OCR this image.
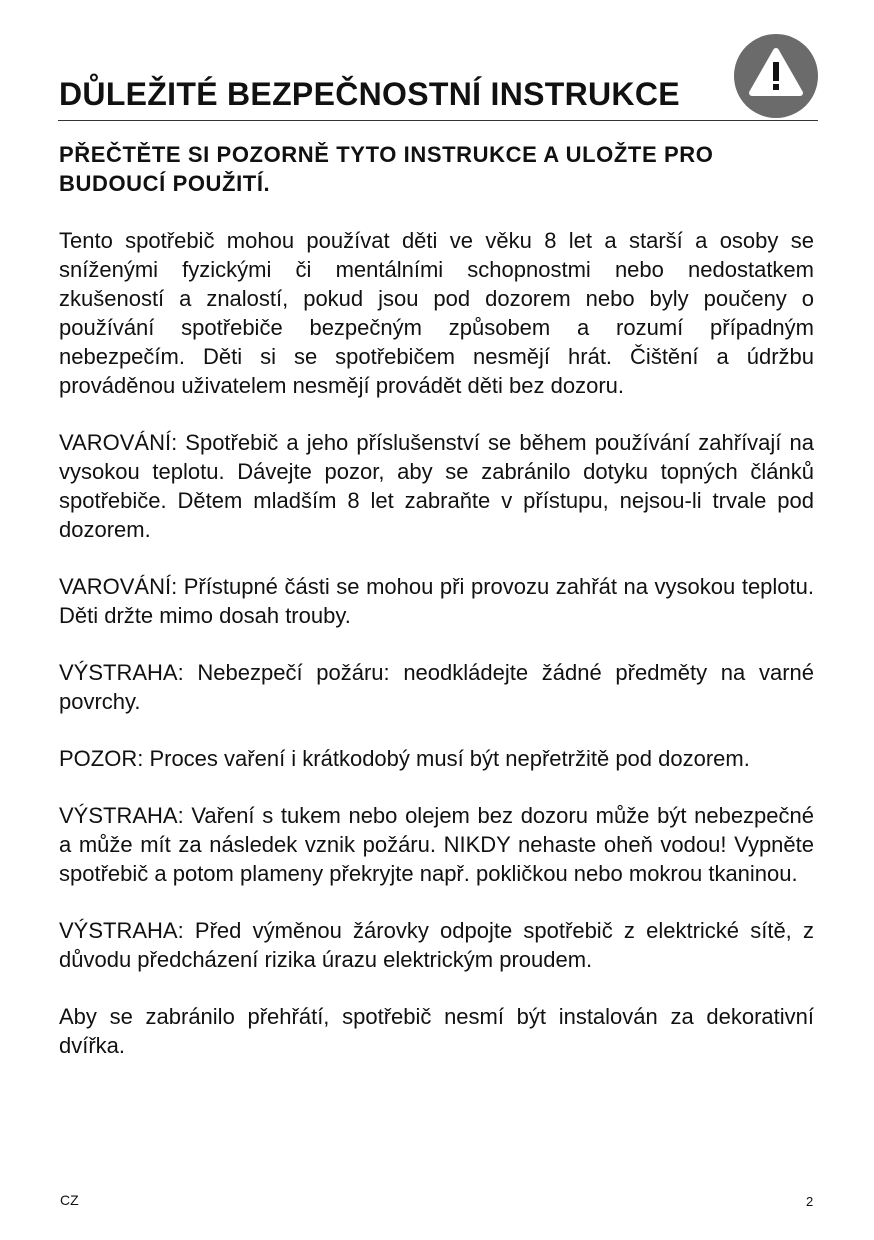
DŮLEŽITÉ BEZPEČNOSTNÍ INSTRUKCE

PŘEČTĚTE SI POZORNĚ TYTO INSTRUKCE A ULOŽTE PRO BUDOUCÍ POUŽITÍ.

Tento spotřebič mohou používat děti ve věku 8 let a starší a osoby se sníženými fyzickými či mentálními schopnostmi nebo nedostatkem zkušeností a znalostí, pokud jsou pod dozorem nebo byly poučeny o používání spotřebiče bezpečným způsobem a rozumí případným nebezpečím. Děti si se spotřebičem nesmějí hrát. Čištění a údržbu prováděnou uživatelem nesmějí provádět děti bez dozoru.

VAROVÁNÍ: Spotřebič a jeho příslušenství se během používání zahřívají na vysokou teplotu. Dávejte pozor, aby se zabránilo dotyku topných článků spotřebiče. Dětem mladším 8 let zabraňte v přístupu, nejsou-li trvale pod dozorem.

VAROVÁNÍ: Přístupné části se mohou při provozu zahřát na vysokou teplotu. Děti držte mimo dosah trouby.

VÝSTRAHA: Nebezpečí požáru: neodkládejte žádné předměty na varné povrchy.

POZOR: Proces vaření i krátkodobý musí být nepřetržitě pod dozorem.

VÝSTRAHA: Vaření s tukem nebo olejem bez dozoru může být nebezpečné a může mít za následek vznik požáru. NIKDY nehaste oheň vodou! Vypněte spotřebič a potom plameny překryjte např. pokličkou nebo mokrou tkaninou.

VÝSTRAHA: Před výměnou žárovky odpojte spotřebič z elektrické sítě, z důvodu předcházení rizika úrazu elektrickým proudem.

Aby se zabránilo přehřátí, spotřebič nesmí být instalován za dekorativní dvířka.

CZ	2
